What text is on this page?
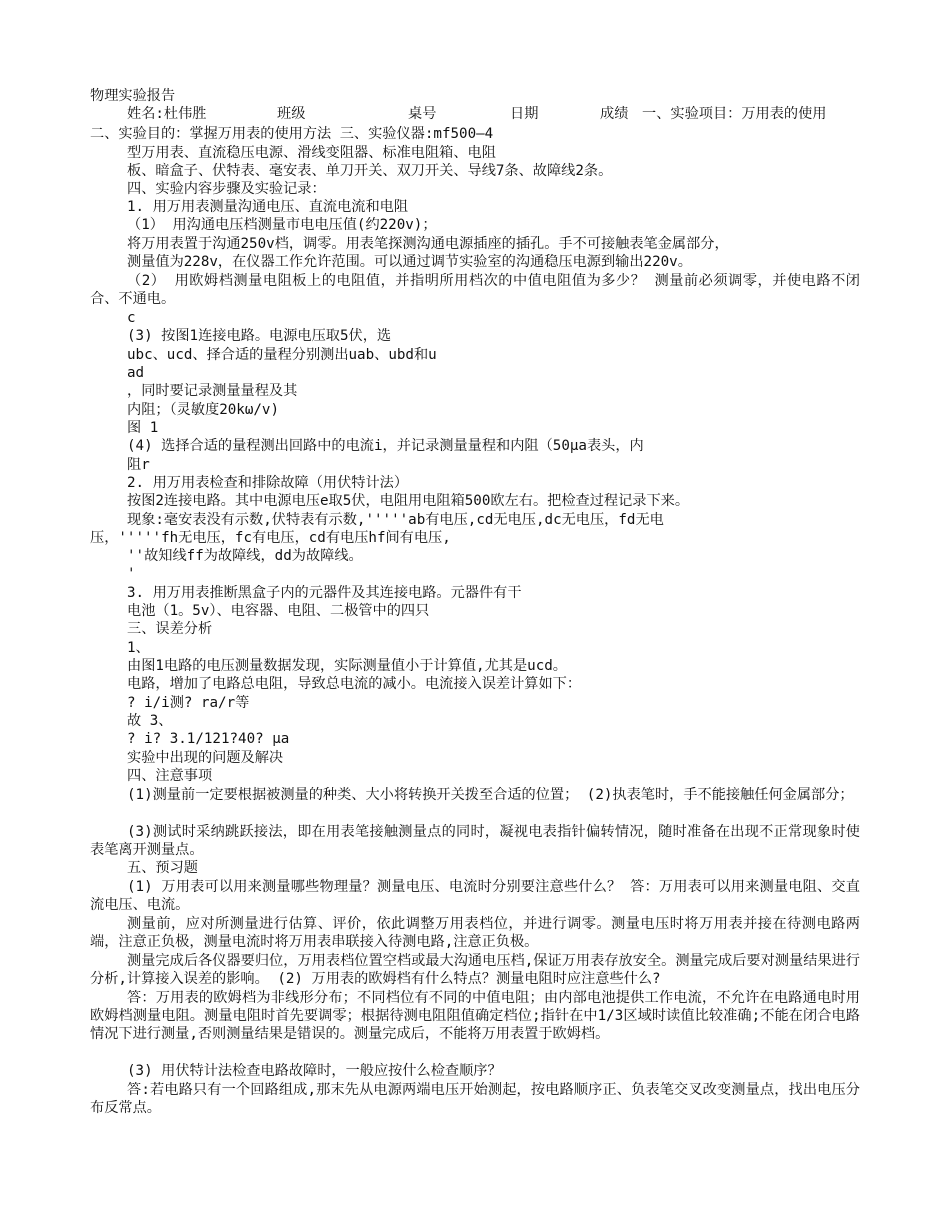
物理实验报告
姓名:杜伟胜	班级	桌号	日期	成绩 一、实验项目：万用表的使用
二、实验目的：掌握万用表的使用方法 三、实验仪器:mf500—4
型万用表、直流稳压电源、滑线变阻器、标准电阻箱、电阻
板、暗盒子、伏特表、毫安表、单刀开关、双刀开关、导线7条、故障线2条。
四、实验内容步骤及实验记录：
1. 用万用表测量沟通电压、直流电流和电阻
（1） 用沟通电压档测量市电电压值(约220v)；
将万用表置于沟通250v档，调零。用表笔探测沟通电源插座的插孔。手不可接触表笔金属部分，
测量值为228v，在仪器工作允许范围。可以通过调节实验室的沟通稳压电源到输出220v。
（2） 用欧姆档测量电阻板上的电阻值，并指明所用档次的中值电阻值为多少？ 测量前必须调零，并使电路不闭合、不通电。
c
(3) 按图1连接电路。电源电压取5伏，选
ubc、ucd、择合适的量程分别测出uab、ubd和u
ad
，同时要记录测量量程及其
内阻；（灵敏度20kω/v)
图 1
(4) 选择合适的量程测出回路中的电流i，并记录测量量程和内阻（50μa表头，内
阻r
2. 用万用表检查和排除故障（用伏特计法）
按图2连接电路。其中电源电压e取5伏，电阻用电阻箱500欧左右。把检查过程记录下来。
现象:毫安表没有示数,伏特表有示数,'''''ab有电压,cd无电压,dc无电压，fd无电
压，'''''fh无电压，fc有电压，cd有电压hf间有电压,
''故知线ff为故障线，dd为故障线。
'
3. 用万用表推断黑盒子内的元器件及其连接电路。元器件有干
电池（1。5v）、电容器、电阻、二极管中的四只
三、误差分析
1、
由图1电路的电压测量数据发现，实际测量值小于计算值,尤其是ucd。
电路，增加了电路总电阻，导致总电流的减小。电流接入误差计算如下：
? i/i测? ra/r等
故 3、
? i? 3.1/121?40? μa
实验中出现的问题及解决
四、注意事项
(1)测量前一定要根据被测量的种类、大小将转换开关拨至合适的位置； (2)执表笔时，手不能接触任何金属部分；
(3)测试时采纳跳跃接法，即在用表笔接触测量点的同时，凝视电表指针偏转情况，随时准备在出现不正常现象时使表笔离开测量点。
五、预习题
(1) 万用表可以用来测量哪些物理量？测量电压、电流时分别要注意些什么？ 答：万用表可以用来测量电阻、交直流电压、电流。
测量前，应对所测量进行估算、评价，依此调整万用表档位，并进行调零。测量电压时将万用表并接在待测电路两端，注意正负极，测量电流时将万用表串联接入待测电路,注意正负极。
测量完成后各仪器要归位，万用表档位置空档或最大沟通电压档,保证万用表存放安全。测量完成后要对测量结果进行分析,计算接入误差的影响。 (2) 万用表的欧姆档有什么特点？测量电阻时应注意些什么?
答：万用表的欧姆档为非线形分布；不同档位有不同的中值电阻；由内部电池提供工作电流，不允许在电路通电时用欧姆档测量电阻。测量电阻时首先要调零；根据待测电阻阻值确定档位;指针在中1/3区域时读值比较准确;不能在闭合电路情况下进行测量,否则测量结果是错误的。测量完成后，不能将万用表置于欧姆档。
(3) 用伏特计法检查电路故障时，一般应按什么检查顺序？
答:若电路只有一个回路组成,那末先从电源两端电压开始测起，按电路顺序正、负表笔交叉改变测量点，找出电压分布反常点。
